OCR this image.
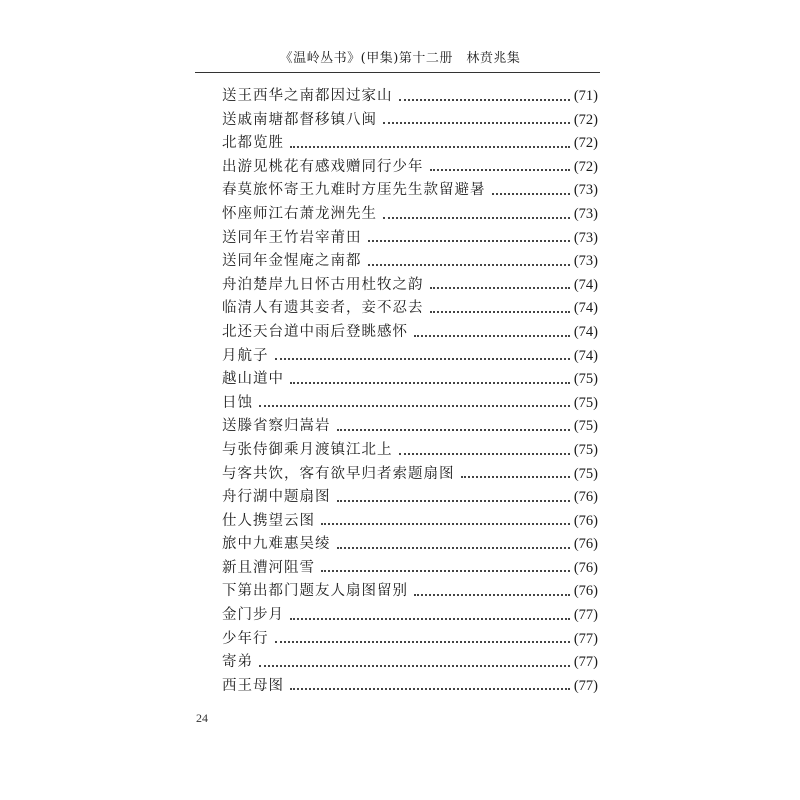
《温岭丛书》(甲集)第十二册　林贲兆集
送王西华之南都因过家山	(71)
送戚南塘都督移镇八闽	(72)
北都览胜	(72)
出游见桃花有感戏赠同行少年	(72)
春莫旅怀寄王九难时方厓先生款留避暑	(73)
怀座师江右萧龙洲先生	(73)
送同年王竹岩宰莆田	(73)
送同年金惺庵之南都	(73)
舟泊楚岸九日怀古用杜牧之韵	(74)
临清人有遗其妾者，妾不忍去	(74)
北还天台道中雨后登眺感怀	(74)
月航子	(74)
越山道中	(75)
日蚀	(75)
送滕省察归嵩岩	(75)
与张侍御乘月渡镇江北上	(75)
与客共饮，客有欲早归者索题扇图	(75)
舟行湖中题扇图	(76)
仕人携望云图	(76)
旅中九难惠吴绫	(76)
新且漕河阻雪	(76)
下第出都门题友人扇图留别	(76)
金门步月	(77)
少年行	(77)
寄弟	(77)
西王母图	(77)
24
